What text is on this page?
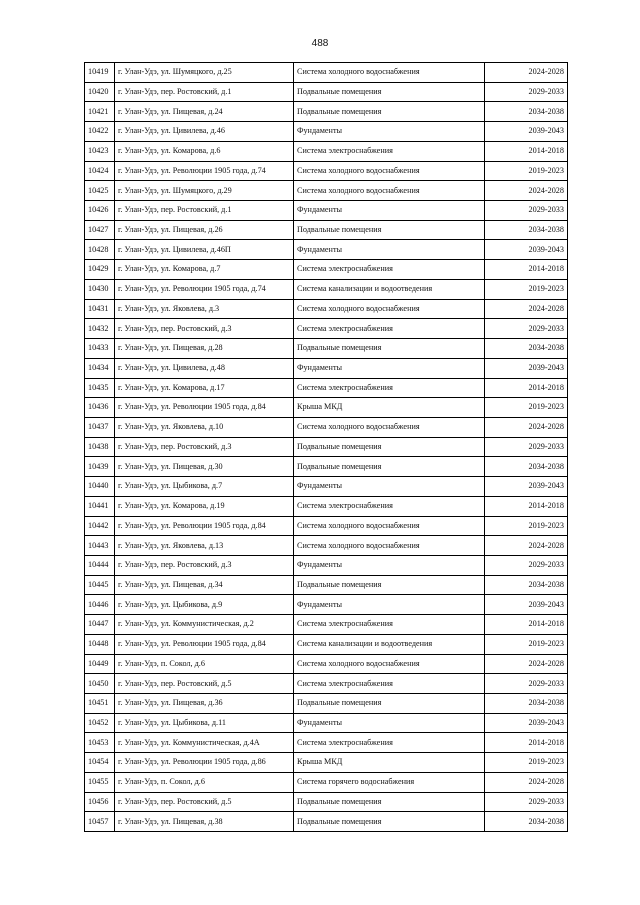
488
10419	г. Улан-Удэ, ул. Шумяцкого, д.25	Система холодного водоснабжения	2024-2028
10420	г. Улан-Удэ, пер. Ростовский, д.1	Подвальные помещения	2029-2033
10421	г. Улан-Удэ, ул. Пищевая, д.24	Подвальные помещения	2034-2038
10422	г. Улан-Удэ, ул. Цивилева, д.46	Фундаменты	2039-2043
10423	г. Улан-Удэ, ул. Комарова, д.6	Система электроснабжения	2014-2018
10424	г. Улан-Удэ, ул. Революции 1905 года, д.74	Система холодного водоснабжения	2019-2023
10425	г. Улан-Удэ, ул. Шумяцкого, д.29	Система холодного водоснабжения	2024-2028
10426	г. Улан-Удэ, пер. Ростовский, д.1	Фундаменты	2029-2033
10427	г. Улан-Удэ, ул. Пищевая, д.26	Подвальные помещения	2034-2038
10428	г. Улан-Удэ, ул. Цивилева, д.46П	Фундаменты	2039-2043
10429	г. Улан-Удэ, ул. Комарова, д.7	Система электроснабжения	2014-2018
10430	г. Улан-Удэ, ул. Революции 1905 года, д.74	Система канализации и водоотведения	2019-2023
10431	г. Улан-Удэ, ул. Яковлева, д.3	Система холодного водоснабжения	2024-2028
10432	г. Улан-Удэ, пер. Ростовский, д.3	Система электроснабжения	2029-2033
10433	г. Улан-Удэ, ул. Пищевая, д.28	Подвальные помещения	2034-2038
10434	г. Улан-Удэ, ул. Цивилева, д.48	Фундаменты	2039-2043
10435	г. Улан-Удэ, ул. Комарова, д.17	Система электроснабжения	2014-2018
10436	г. Улан-Удэ, ул. Революции 1905 года, д.84	Крыша МКД	2019-2023
10437	г. Улан-Удэ, ул. Яковлева, д.10	Система холодного водоснабжения	2024-2028
10438	г. Улан-Удэ, пер. Ростовский, д.3	Подвальные помещения	2029-2033
10439	г. Улан-Удэ, ул. Пищевая, д.30	Подвальные помещения	2034-2038
10440	г. Улан-Удэ, ул. Цыбикова, д.7	Фундаменты	2039-2043
10441	г. Улан-Удэ, ул. Комарова, д.19	Система электроснабжения	2014-2018
10442	г. Улан-Удэ, ул. Революции 1905 года, д.84	Система холодного водоснабжения	2019-2023
10443	г. Улан-Удэ, ул. Яковлева, д.13	Система холодного водоснабжения	2024-2028
10444	г. Улан-Удэ, пер. Ростовский, д.3	Фундаменты	2029-2033
10445	г. Улан-Удэ, ул. Пищевая, д.34	Подвальные помещения	2034-2038
10446	г. Улан-Удэ, ул. Цыбикова, д.9	Фундаменты	2039-2043
10447	г. Улан-Удэ, ул. Коммунистическая, д.2	Система электроснабжения	2014-2018
10448	г. Улан-Удэ, ул. Революции 1905 года, д.84	Система канализации и водоотведения	2019-2023
10449	г. Улан-Удэ, п. Сокол, д.6	Система холодного водоснабжения	2024-2028
10450	г. Улан-Удэ, пер. Ростовский, д.5	Система электроснабжения	2029-2033
10451	г. Улан-Удэ, ул. Пищевая, д.36	Подвальные помещения	2034-2038
10452	г. Улан-Удэ, ул. Цыбикова, д.11	Фундаменты	2039-2043
10453	г. Улан-Удэ, ул. Коммунистическая, д.4А	Система электроснабжения	2014-2018
10454	г. Улан-Удэ, ул. Революции 1905 года, д.86	Крыша МКД	2019-2023
10455	г. Улан-Удэ, п. Сокол, д.6	Система горячего водоснабжения	2024-2028
10456	г. Улан-Удэ, пер. Ростовский, д.5	Подвальные помещения	2029-2033
10457	г. Улан-Удэ, ул. Пищевая, д.38	Подвальные помещения	2034-2038
